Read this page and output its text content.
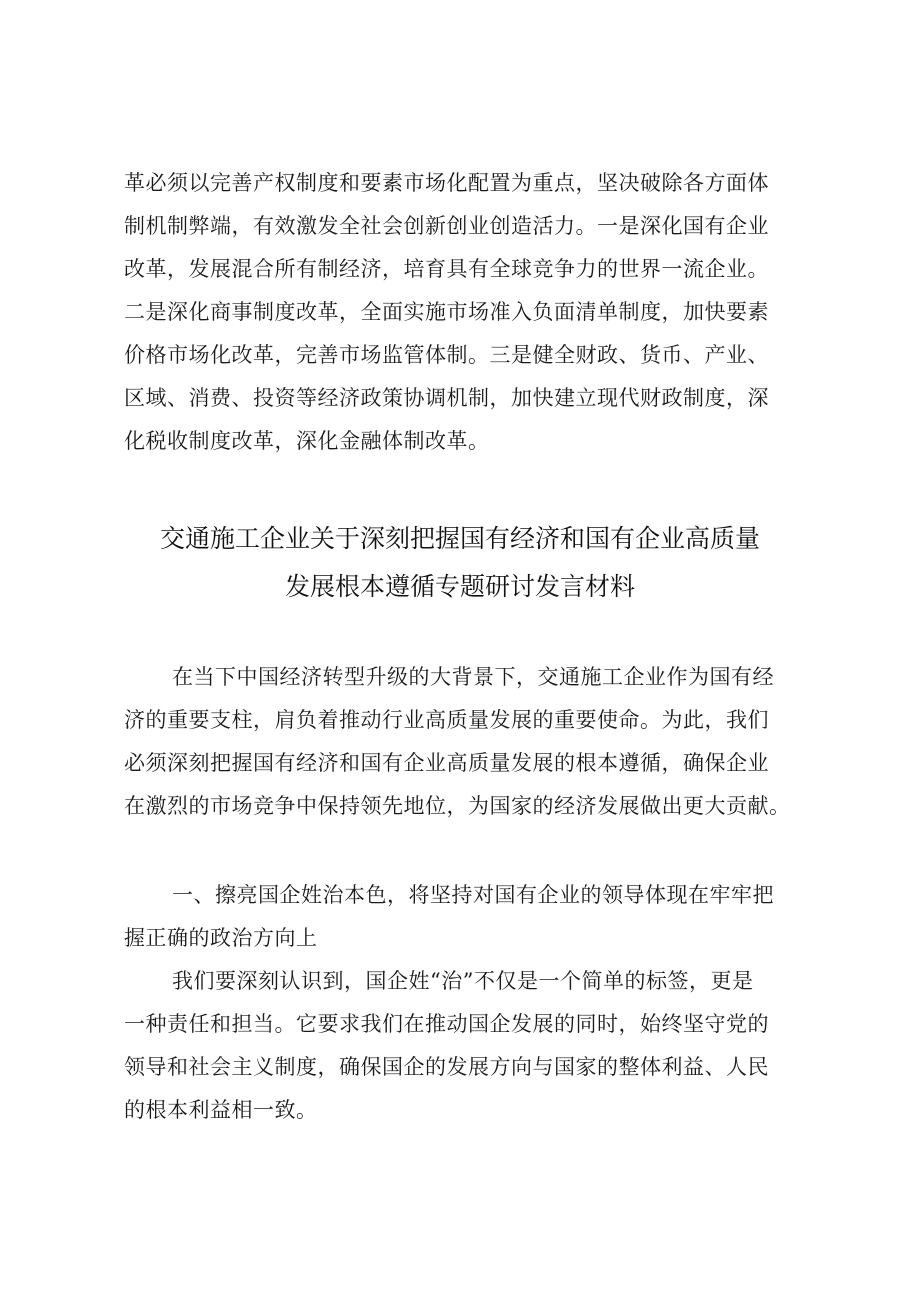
革必须以完善产权制度和要素市场化配置为重点，坚决破除各方面体
制机制弊端，有效激发全社会创新创业创造活力。一是深化国有企业
改革，发展混合所有制经济，培育具有全球竞争力的世界一流企业。
二是深化商事制度改革，全面实施市场准入负面清单制度，加快要素
价格市场化改革，完善市场监管体制。三是健全财政、货币、产业、
区域、消费、投资等经济政策协调机制，加快建立现代财政制度，深
化税收制度改革，深化金融体制改革。
交通施工企业关于深刻把握国有经济和国有企业高质量
发展根本遵循专题研讨发言材料
在当下中国经济转型升级的大背景下，交通施工企业作为国有经
济的重要支柱，肩负着推动行业高质量发展的重要使命。为此，我们
必须深刻把握国有经济和国有企业高质量发展的根本遵循，确保企业
在激烈的市场竞争中保持领先地位，为国家的经济发展做出更大贡献。
一、擦亮国企姓治本色，将坚持对国有企业的领导体现在牢牢把
握正确的政治方向上
我们要深刻认识到，国企姓“治”不仅是一个简单的标签，更是
一种责任和担当。它要求我们在推动国企发展的同时，始终坚守党的
领导和社会主义制度，确保国企的发展方向与国家的整体利益、人民
的根本利益相一致。
